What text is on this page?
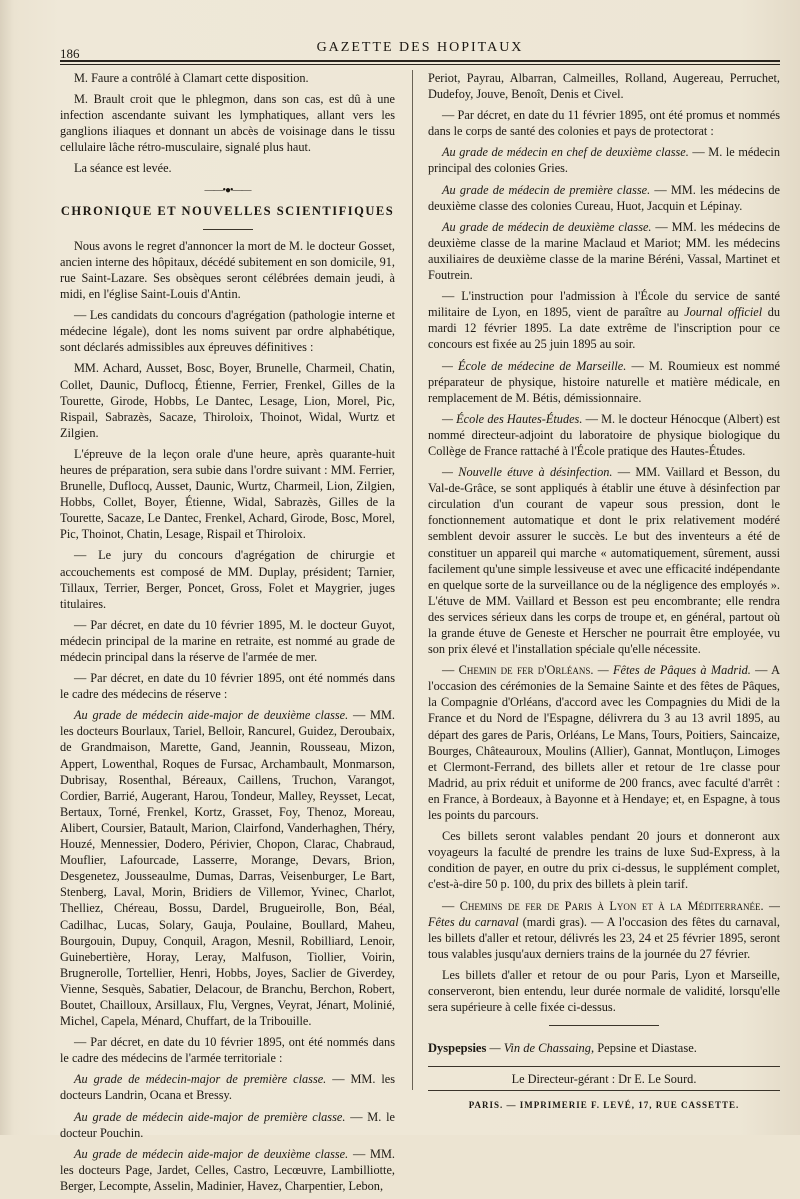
186	GAZETTE DES HOPITAUX

M. Faure a contrôlé à Clamart cette disposition.

M. Brault croit que le phlegmon, dans son cas, est dû à une infection ascendante suivant les lymphatiques, allant vers les ganglions iliaques et donnant un abcès de voisinage dans le tissu cellulaire lâche rétro-musculaire, signalé plus haut.

La séance est levée.

——•●•——
CHRONIQUE ET NOUVELLES SCIENTIFIQUES

Nous avons le regret d'annoncer la mort de M. le docteur Gosset, ancien interne des hôpitaux, décédé subitement en son domicile, 91, rue Saint-Lazare. Ses obsèques seront célébrées demain jeudi, à midi, en l'église Saint-Louis d'Antin.

— Les candidats du concours d'agrégation (pathologie interne et médecine légale), dont les noms suivent par ordre alphabétique, sont déclarés admissibles aux épreuves définitives :

MM. Achard, Ausset, Bosc, Boyer, Brunelle, Charmeil, Chatin, Collet, Daunic, Duflocq, Étienne, Ferrier, Frenkel, Gilles de la Tourette, Girode, Hobbs, Le Dantec, Lesage, Lion, Morel, Pic, Rispail, Sabrazès, Sacaze, Thiroloix, Thoinot, Widal, Wurtz et Zilgien.

L'épreuve de la leçon orale d'une heure, après quarante-huit heures de préparation, sera subie dans l'ordre suivant : MM. Ferrier, Brunelle, Duflocq, Ausset, Daunic, Wurtz, Charmeil, Lion, Zilgien, Hobbs, Collet, Boyer, Étienne, Widal, Sabrazès, Gilles de la Tourette, Sacaze, Le Dantec, Frenkel, Achard, Girode, Bosc, Morel, Pic, Thoinot, Chatin, Lesage, Rispail et Thiroloix.

— Le jury du concours d'agrégation de chirurgie et accouchements est composé de MM. Duplay, président; Tarnier, Tillaux, Terrier, Berger, Poncet, Gross, Folet et Maygrier, juges titulaires.

— Par décret, en date du 10 février 1895, M. le docteur Guyot, médecin principal de la marine en retraite, est nommé au grade de médecin principal dans la réserve de l'armée de mer.

— Par décret, en date du 10 février 1895, ont été nommés dans le cadre des médecins de réserve :

Au grade de médecin aide-major de deuxième classe. — MM. les docteurs Bourlaux, Tariel, Belloir, Rancurel, Guidez, Deroubaix, de Grandmaison, Marette, Gand, Jeannin, Rousseau, Mizon, Appert, Lowenthal, Roques de Fursac, Archambault, Monmarson, Dubrisay, Rosenthal, Béreaux, Caillens, Truchon, Varangot, Cordier, Barrié, Augerant, Harou, Tondeur, Malley, Reysset, Lecat, Bertaux, Torné, Frenkel, Kortz, Grasset, Foy, Thenoz, Moreau, Alibert, Coursier, Batault, Marion, Clairfond, Vanderhaghen, Théry, Houzé, Mennessier, Dodero, Périvier, Chopon, Clarac, Chabraud, Mouflier, Lafourcade, Lasserre, Morange, Devars, Brion, Desgenetez, Jousseaulme, Dumas, Darras, Veisenburger, Le Bart, Stenberg, Laval, Morin, Bridiers de Villemor, Yvinec, Charlot, Thelliez, Chéreau, Bossu, Dardel, Brugueirolle, Bon, Béal, Cadilhac, Lucas, Solary, Gauja, Poulaine, Boullard, Maheu, Bourgouin, Dupuy, Conquil, Aragon, Mesnil, Robilliard, Lenoir, Guinebertière, Horay, Leray, Malfuson, Tiollier, Voirin, Brugnerolle, Tortellier, Henri, Hobbs, Joyes, Saclier de Giverdey, Vienne, Sesquès, Sabatier, Delacour, de Branchu, Berchon, Robert, Boutet, Chailloux, Arsillaux, Flu, Vergnes, Veyrat, Jénart, Molinié, Michel, Capela, Ménard, Chuffart, de la Tribouille.

— Par décret, en date du 10 février 1895, ont été nommés dans le cadre des médecins de l'armée territoriale :

Au grade de médecin-major de première classe. — MM. les docteurs Landrin, Ocana et Bressy.

Au grade de médecin aide-major de première classe. — M. le docteur Pouchin.

Au grade de médecin aide-major de deuxième classe. — MM. les docteurs Page, Jardet, Celles, Castro, Lecœuvre, Lambilliotte, Berger, Lecompte, Asselin, Madinier, Havez, Charpentier, Lebon,

Periot, Payrau, Albarran, Calmeilles, Rolland, Augereau, Perruchet, Dudefoy, Jouve, Benoît, Denis et Civel.

— Par décret, en date du 11 février 1895, ont été promus et nommés dans le corps de santé des colonies et pays de protectorat :

Au grade de médecin en chef de deuxième classe. — M. le médecin principal des colonies Gries.

Au grade de médecin de première classe. — MM. les médecins de deuxième classe des colonies Cureau, Huot, Jacquin et Lépinay.

Au grade de médecin de deuxième classe. — MM. les médecins de deuxième classe de la marine Maclaud et Mariot; MM. les médecins auxiliaires de deuxième classe de la marine Béréni, Vassal, Martinet et Foutrein.

— L'instruction pour l'admission à l'École du service de santé militaire de Lyon, en 1895, vient de paraître au Journal officiel du mardi 12 février 1895. La date extrême de l'inscription pour ce concours est fixée au 25 juin 1895 au soir.

— École de médecine de Marseille. — M. Roumieux est nommé préparateur de physique, histoire naturelle et matière médicale, en remplacement de M. Bétis, démissionnaire.

— École des Hautes-Études. — M. le docteur Hénocque (Albert) est nommé directeur-adjoint du laboratoire de physique biologique du Collège de France rattaché à l'École pratique des Hautes-Études.

— Nouvelle étuve à désinfection. — MM. Vaillard et Besson, du Val-de-Grâce, se sont appliqués à établir une étuve à désinfection par circulation d'un courant de vapeur sous pression, dont le fonctionnement automatique et dont le prix relativement modéré semblent devoir assurer le succès. Le but des inventeurs a été de constituer un appareil qui marche « automatiquement, sûrement, aussi facilement qu'une simple lessiveuse et avec une efficacité indépendante en quelque sorte de la surveillance ou de la négligence des employés ». L'étuve de MM. Vaillard et Besson est peu encombrante; elle rendra des services sérieux dans les corps de troupe et, en général, partout où la grande étuve de Geneste et Herscher ne pourrait être employée, vu son prix élevé et l'installation spéciale qu'elle nécessite.

— Chemin de fer d'Orléans. — Fêtes de Pâques à Madrid. — A l'occasion des cérémonies de la Semaine Sainte et des fêtes de Pâques, la Compagnie d'Orléans, d'accord avec les Compagnies du Midi de la France et du Nord de l'Espagne, délivrera du 3 au 13 avril 1895, au départ des gares de Paris, Orléans, Le Mans, Tours, Poitiers, Saincaize, Bourges, Châteauroux, Moulins (Allier), Gannat, Montluçon, Limoges et Clermont-Ferrand, des billets aller et retour de 1re classe pour Madrid, au prix réduit et uniforme de 200 francs, avec faculté d'arrêt : en France, à Bordeaux, à Bayonne et à Hendaye; et, en Espagne, à tous les points du parcours.

Ces billets seront valables pendant 20 jours et donneront aux voyageurs la faculté de prendre les trains de luxe Sud-Express, à la condition de payer, en outre du prix ci-dessus, le supplément complet, c'est-à-dire 50 p. 100, du prix des billets à plein tarif.

— Chemins de fer de Paris à Lyon et à la Méditerranée. — Fêtes du carnaval (mardi gras). — A l'occasion des fêtes du carnaval, les billets d'aller et retour, délivrés les 23, 24 et 25 février 1895, seront tous valables jusqu'aux derniers trains de la journée du 27 février.

Les billets d'aller et retour de ou pour Paris, Lyon et Marseille, conserveront, bien entendu, leur durée normale de validité, lorsqu'elle sera supérieure à celle fixée ci-dessus.

Dyspepsies — Vin de Chassaing, Pepsine et Diastase.
Le Directeur-gérant : Dr E. Le Sourd.
PARIS. — IMPRIMERIE F. LEVÉ, 17, RUE CASSETTE.
